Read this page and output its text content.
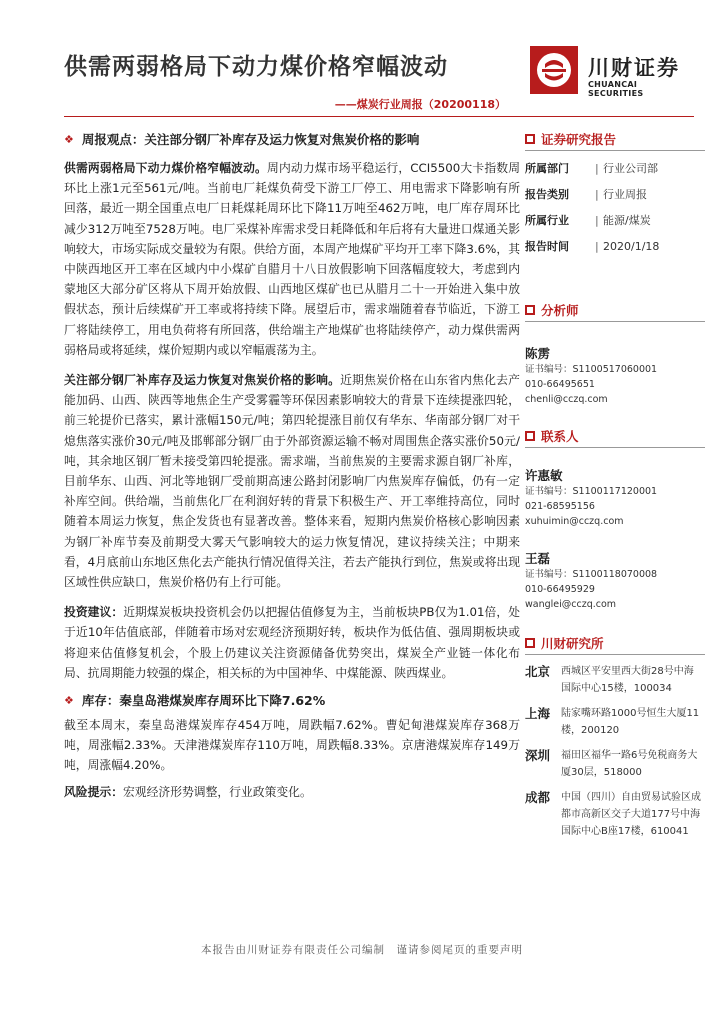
供需两弱格局下动力煤价格窄幅波动	川财证券
CHUANCAI SECURITIES
——煤炭行业周报（20200118）
❖ 周报观点：关注部分钢厂补库存及运力恢复对焦炭价格的影响

供需两弱格局下动力煤价格窄幅波动。周内动力煤市场平稳运行，CCI5500大卡指数周环比上涨1元至561元/吨。当前电厂耗煤负荷受下游工厂停工、用电需求下降影响有所回落，最近一期全国重点电厂日耗煤耗周环比下降11万吨至462万吨，电厂库存周环比减少312万吨至7528万吨。电厂采煤补库需求受日耗降低和年后将有大量进口煤通关影响较大，市场实际成交量较为有限。供给方面，本周产地煤矿平均开工率下降3.6%，其中陕西地区开工率在区域内中小煤矿自腊月十八日放假影响下回落幅度较大，考虑到内蒙地区大部分矿区将从下周开始放假、山西地区煤矿也已从腊月二十一开始进入集中放假状态，预计后续煤矿开工率或将持续下降。展望后市，需求端随着春节临近，下游工厂将陆续停工，用电负荷将有所回落，供给端主产地煤矿也将陆续停产，动力煤供需两弱格局或将延续，煤价短期内或以窄幅震荡为主。

关注部分钢厂补库存及运力恢复对焦炭价格的影响。近期焦炭价格在山东省内焦化去产能加码、山西、陕西等地焦企生产受雾霾等环保因素影响较大的背景下连续提涨四轮，前三轮提价已落实，累计涨幅150元/吨；第四轮提涨目前仅有华东、华南部分钢厂对干熄焦落实涨价30元/吨及邯郸部分钢厂由于外部资源运输不畅对周围焦企落实涨价50元/吨，其余地区钢厂暂未接受第四轮提涨。需求端，当前焦炭的主要需求源自钢厂补库，目前华东、山西、河北等地钢厂受前期高速公路封闭影响厂内焦炭库存偏低，仍有一定补库空间。供给端，当前焦化厂在利润好转的背景下积极生产、开工率维持高位，同时随着本周运力恢复，焦企发货也有显著改善。整体来看，短期内焦炭价格核心影响因素为钢厂补库节奏及前期受大雾天气影响较大的运力恢复情况，建议持续关注；中期来看，4月底前山东地区焦化去产能执行情况值得关注，若去产能执行到位，焦炭或将出现区域性供应缺口，焦炭价格仍有上行可能。

投资建议：近期煤炭板块投资机会仍以把握估值修复为主，当前板块PB仅为1.01倍，处于近10年估值底部，伴随着市场对宏观经济预期好转，板块作为低估值、强周期板块或将迎来估值修复机会，个股上仍建议关注资源储备优势突出，煤炭全产业链一体化布局、抗周期能力较强的煤企，相关标的为中国神华、中煤能源、陕西煤业。

❖ 库存：秦皇岛港煤炭库存周环比下降7.62%

截至本周末，秦皇岛港煤炭库存454万吨，周跌幅7.62%。曹妃甸港煤炭库存368万吨，周涨幅2.33%。天津港煤炭库存110万吨，周跌幅8.33%。京唐港煤炭库存149万吨，周涨幅4.20%。

风险提示：宏观经济形势调整，行业政策变化。

证券研究报告
所属部门	| 行业公司部
报告类别	| 行业周报
所属行业	| 能源/煤炭
报告时间	| 2020/1/18
分析师
陈雳
证书编号：S1100517060001
010-66495651
chenli@cczq.com
联系人
许惠敏
证书编号：S1100117120001
021-68595156
xuhuimin@cczq.com
王磊
证书编号：S1100118070008
010-66495929
wanglei@cczq.com
川财研究所
北京	西城区平安里西大街28号中海国际中心15楼，100034
上海	陆家嘴环路1000号恒生大厦11楼，200120
深圳	福田区福华一路6号免税商务大厦30层，518000
成都	中国（四川）自由贸易试验区成都市高新区交子大道177号中海国际中心B座17楼，610041
本报告由川财证券有限责任公司编制　谨请参阅尾页的重要声明
